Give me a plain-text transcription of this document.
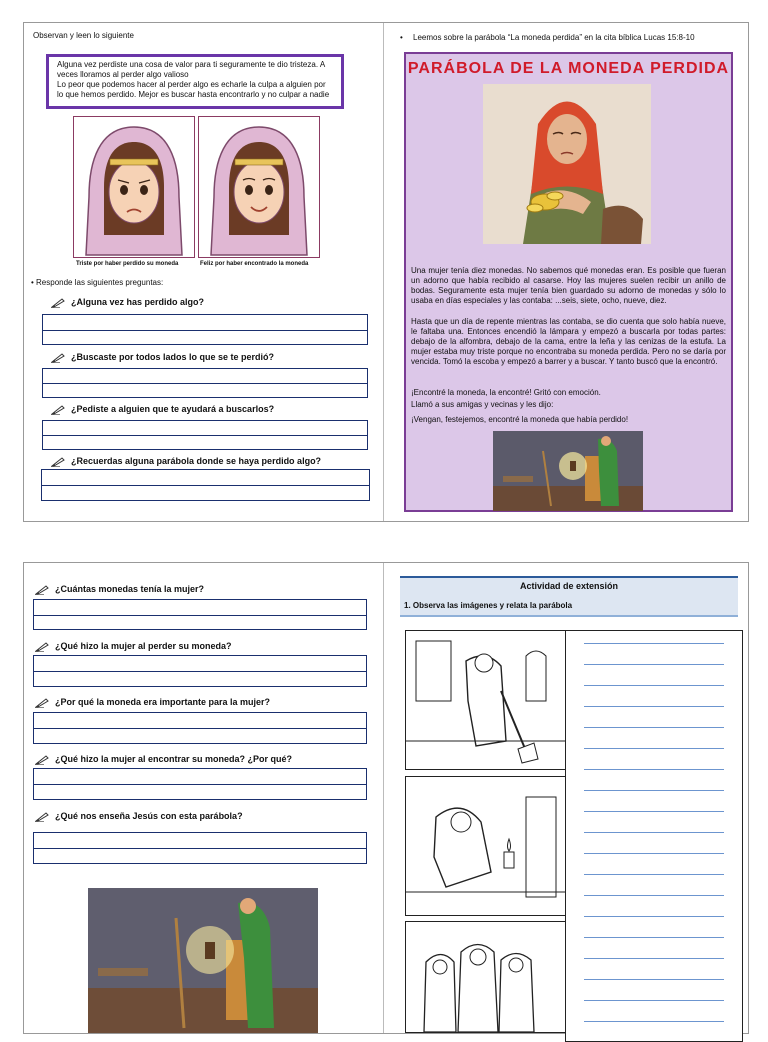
Observan y leen lo siguiente
Alguna vez perdiste una cosa de valor para ti seguramente te dio tristeza. A veces lloramos al perder algo valioso
Lo peor que podemos hacer al perder algo es echarle la culpa a alguien por lo que hemos perdido. Mejor es buscar hasta encontrarlo y no culpar a nadie
Triste por haber perdido su moneda	Feliz por haber encontrado la moneda
• Responde las siguientes preguntas:
¿Alguna vez has perdido algo?
¿Buscaste por todos lados lo que se te perdió?
¿Pediste a alguien que te ayudará a buscarlos?
¿Recuerdas alguna parábola donde se haya perdido algo?
• Leemos sobre la parábola “La moneda perdida” en la cita bíblica Lucas 15:8-10
PARÁBOLA DE LA MONEDA PERDIDA
Una mujer tenía diez monedas. No sabemos qué monedas eran. Es posible que fueran un adorno que había recibido al casarse. Hoy las mujeres suelen recibir un anillo de bodas. Seguramente esta mujer tenía bien guardado su adorno de monedas y sólo lo usaba en días especiales y las contaba: ...seis, siete, ocho, nueve, diez.
Hasta que un día de repente mientras las contaba, se dio cuenta que solo había nueve, le faltaba una. Entonces encendió la lámpara y empezó a buscarla por todas partes: debajo de la alfombra, debajo de la cama, entre la leña y las cenizas de la estufa. La mujer estaba muy triste porque no encontraba su moneda perdida. Pero no se daría por vencida. Tomó la escoba y empezó a barrer y a buscar. Y tanto buscó que la encontró.
¡Encontré la moneda, la encontré! Gritó con emoción.
Llamó a sus amigas y vecinas y les dijo:
¡Vengan, festejemos, encontré la moneda que había perdido!
¿Cuántas monedas tenía la mujer?
¿Qué hizo la mujer al perder su moneda?
¿Por qué la moneda era importante para la mujer?
¿Qué hizo la mujer al encontrar su moneda? ¿Por qué?
¿Qué nos enseña Jesús con esta parábola?
Actividad de extensión
1. Observa las imágenes y relata la parábola
